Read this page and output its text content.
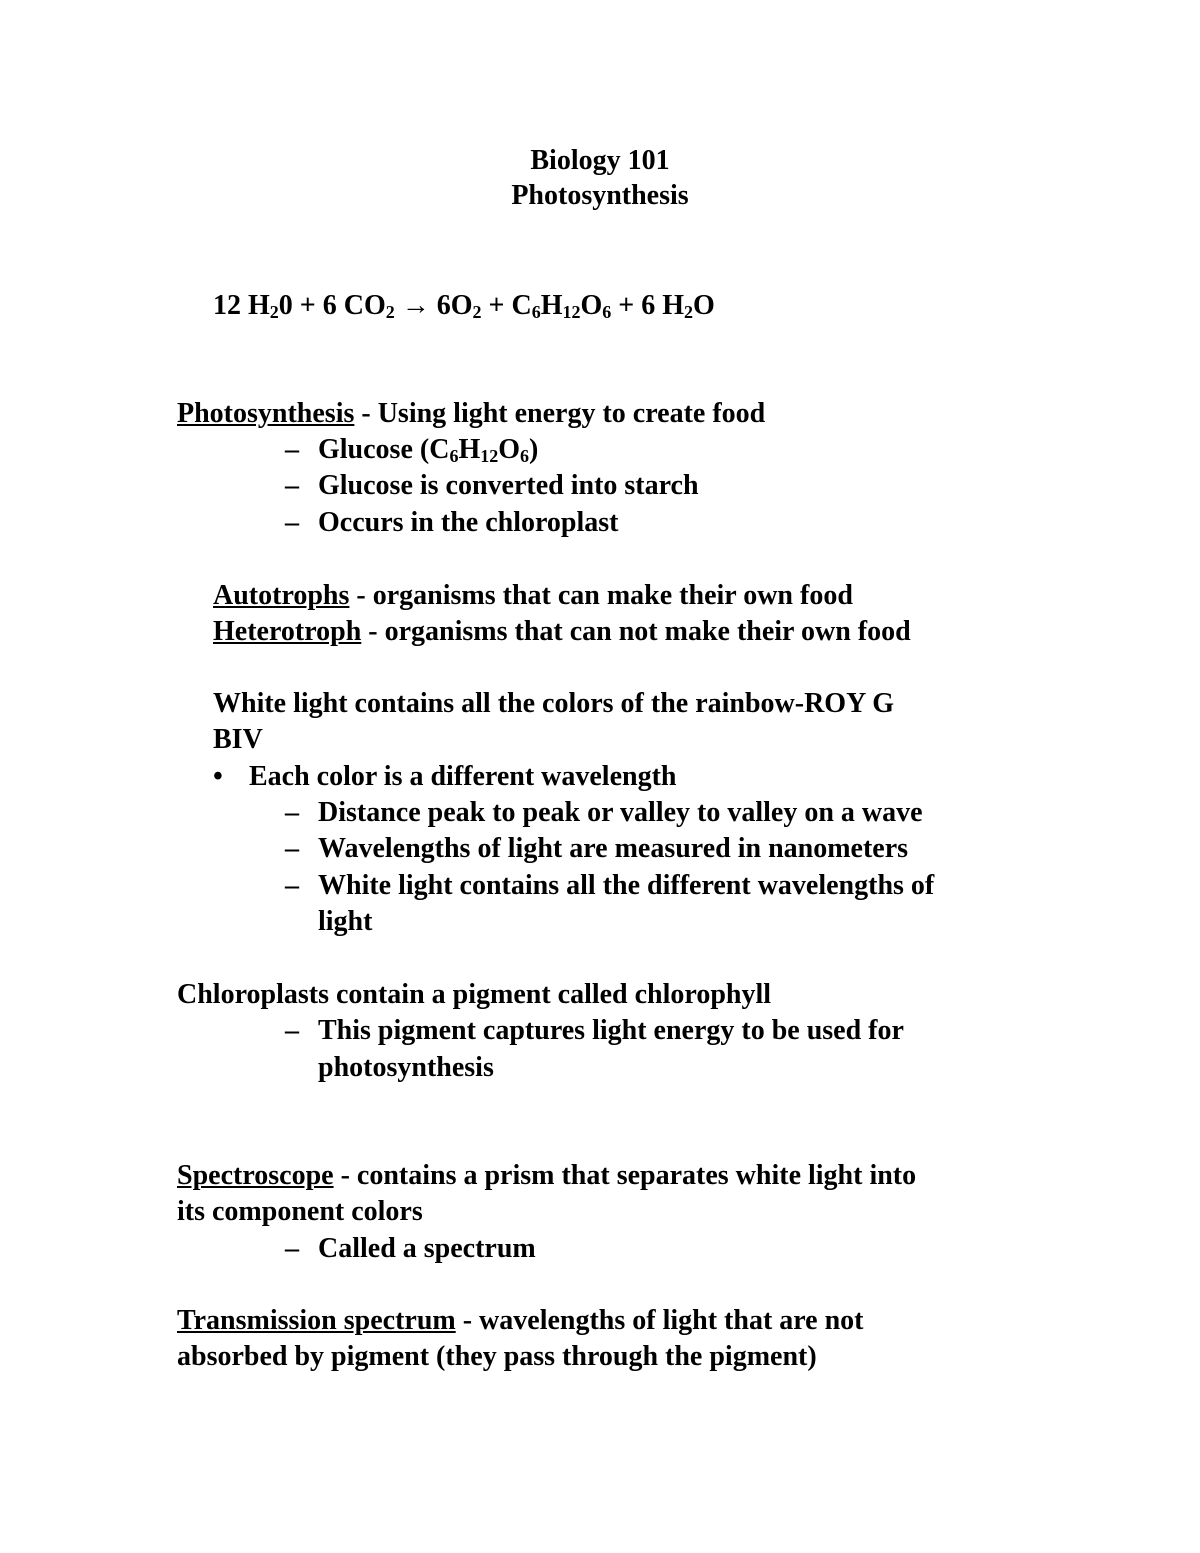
Biology 101
Photosynthesis
12 $H_20 + 6$ $CO_2 \to 6O_2 + C_6H_{12}O_6 + 6$ $H_2O$
Photosynthesis - Using light energy to create food
– Glucose $(C_6H_{12}O_6)$
– Glucose is converted into starch
– Occurs in the chloroplast
Autotrophs - organisms that can make their own food
Heterotroph - organisms that can not make their own food
White light contains all the colors of the rainbow-ROY G
BIV
• Each color is a different wavelength
– Distance peak to peak or valley to valley on a wave
– Wavelengths of light are measured in nanometers
– White light contains all the different wavelengths of
light
Chloroplasts contain a pigment called chlorophyll
– This pigment captures light energy to be used for
photosynthesis
Spectroscope - contains a prism that separates white light into
its component colors
– Called a spectrum
Transmission spectrum - wavelengths of light that are not
absorbed by pigment (they pass through the pigment)
